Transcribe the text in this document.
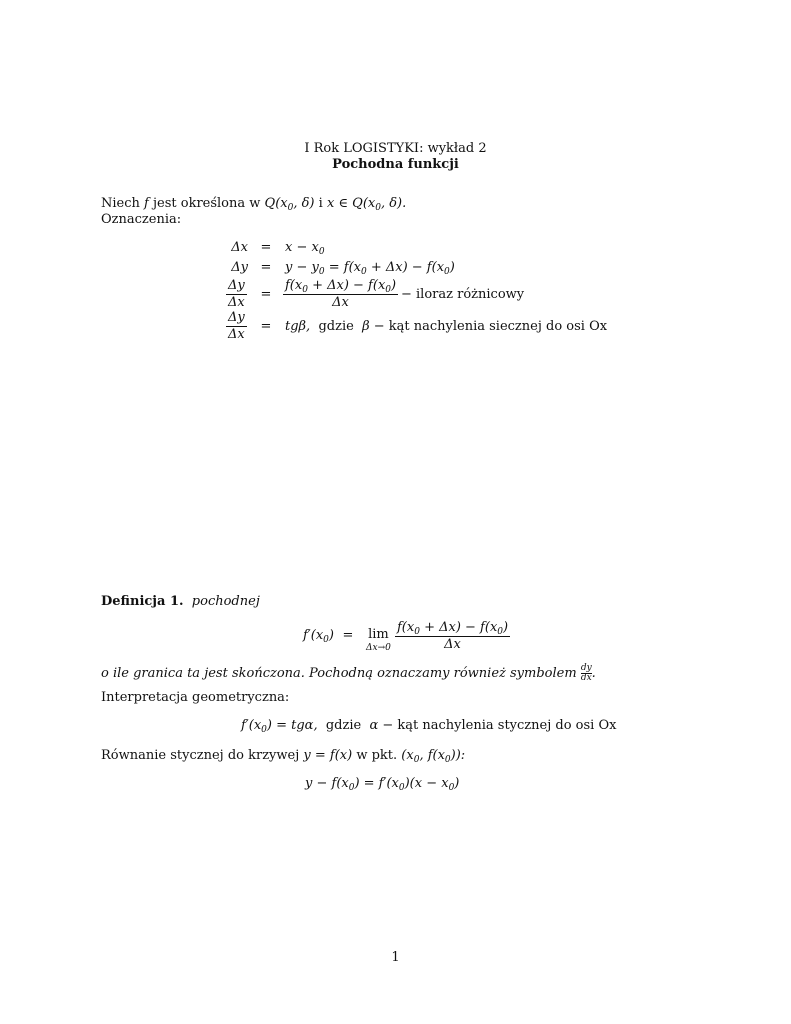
I Rok LOGISTYKI: wykład 2
Pochodna funkcji
Niech f jest określona w $Q(x_0$, δ) i x ∈ $Q(x_0$, δ).
Oznaczenia:
Δx =	$x - x_0$
Δy =	$y - y_0 = f(x_0 + \Delta x) - f(x_0)$
$\frac{\Delta y}{\Delta x}$	= $\frac{f(x_0 + \Delta x) - f(x_0)}{\Delta x}$ − iloraz różnicowy
$\frac{\Delta y}{\Delta x}$	=	tgβ, gdzie β − kąt nachylenia siecznej do osi Ox
Definicja 1. pochodnej
$f'(x_0)$ =	lim
$\Delta x\to 0 \frac{f(x_0 + \Delta x) - f(x_0)}{\Delta x}$
o ile granica ta jest skończona. Pochodną oznaczamy również symbolem $\frac{dy}{dx}$ .
Interpretacja geometryczna:
$f'(x_0) = tg\alpha$, gdzie α − kąt nachylenia stycznej do osi Ox
Równanie stycznej do krzywej y = f(x) w pkt. ($x_0$, $f(x_0)$):
$y - f(x_0) = f'(x_0)(x - x_0)$
1
